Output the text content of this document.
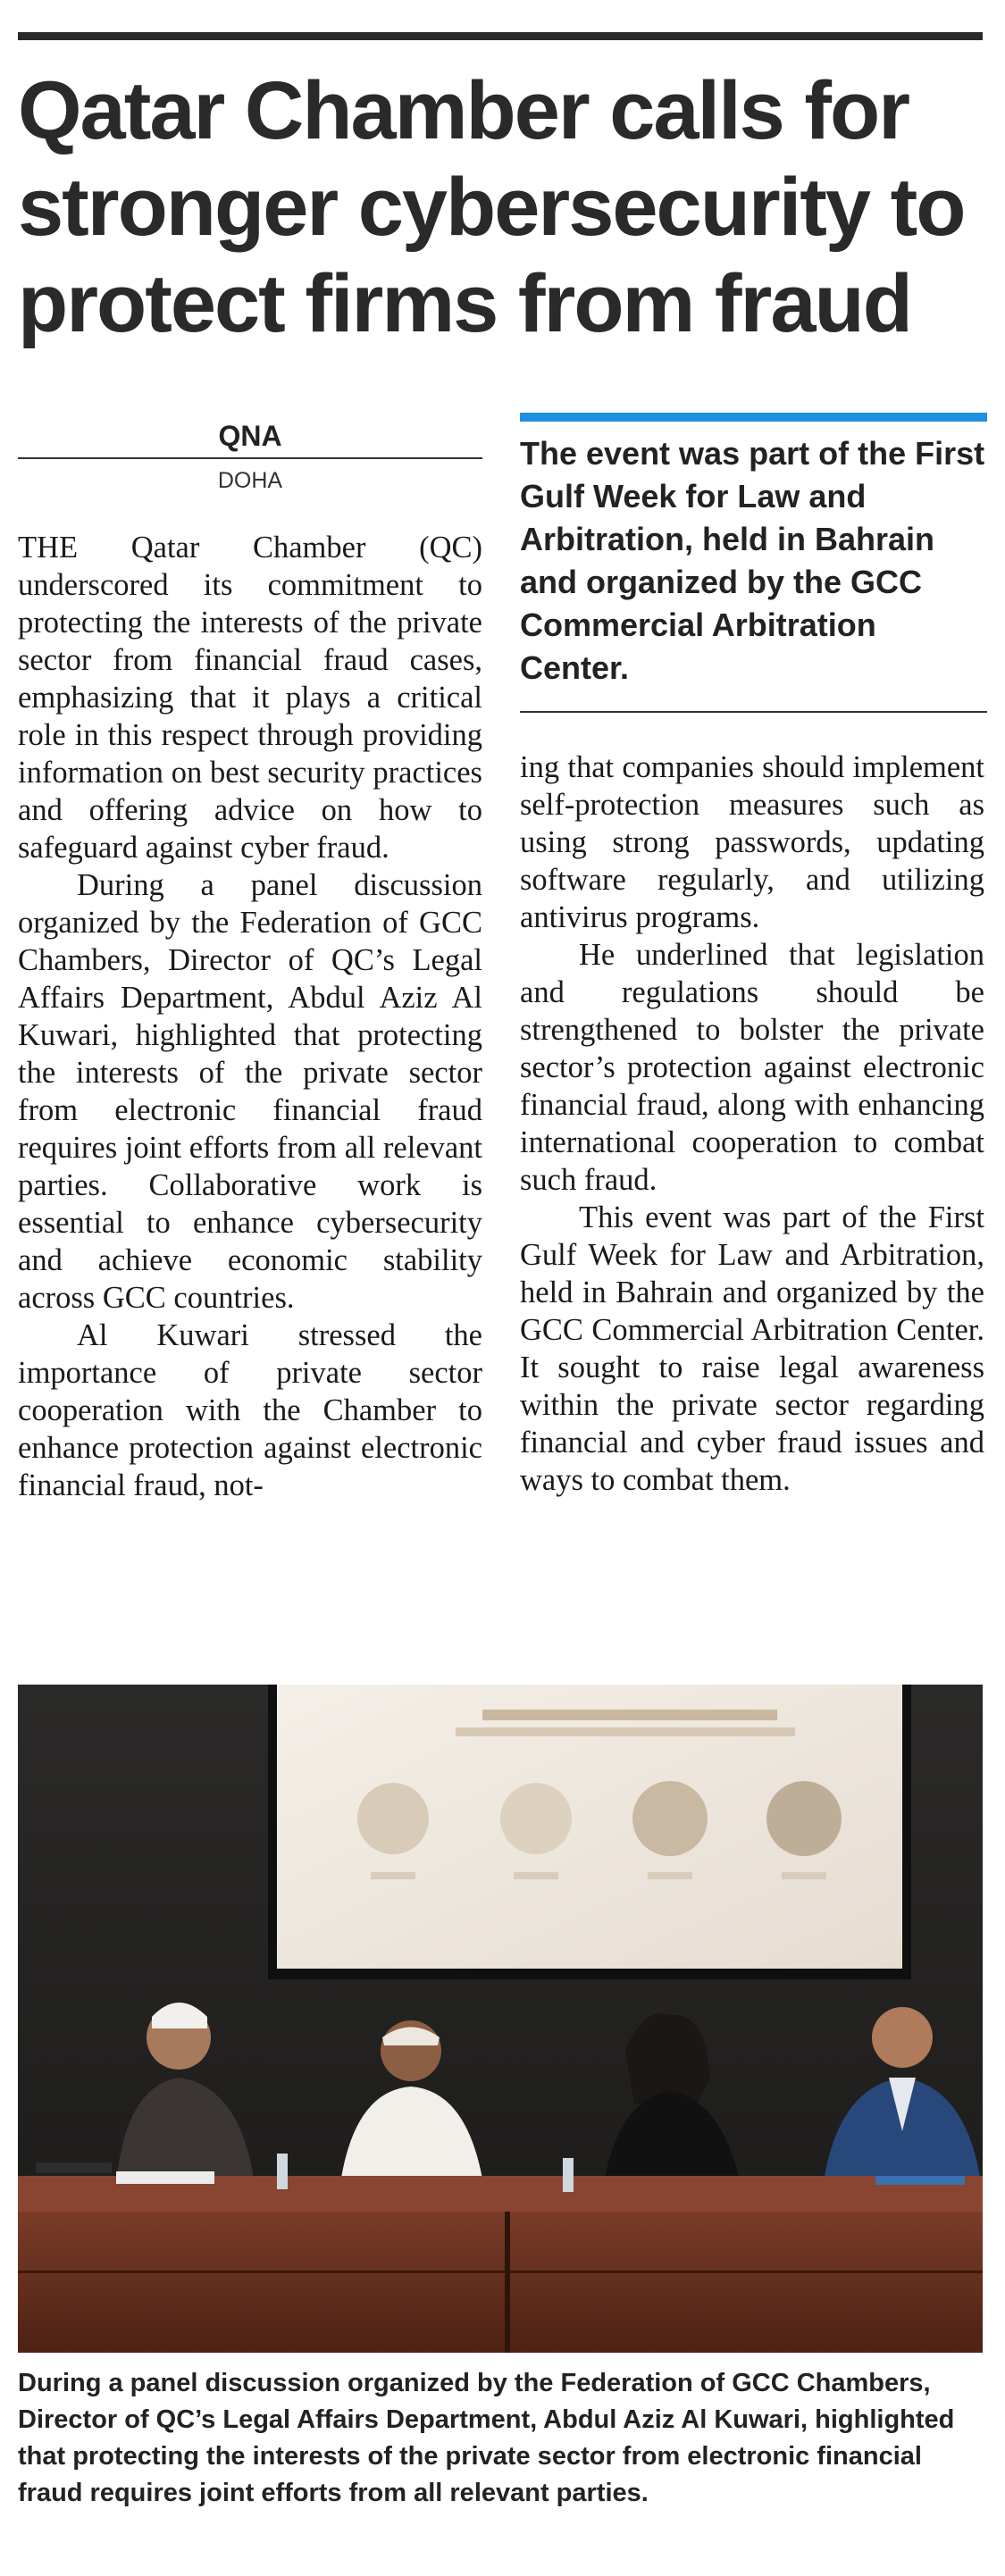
Qatar Chamber calls for stronger cybersecurity to protect firms from fraud
QNA
DOHA

THE Qatar Chamber (QC) underscored its commitment to protecting the interests of the private sector from financial fraud cases, emphasizing that it plays a critical role in this respect through providing information on best security practices and offering advice on how to safeguard against cyber fraud.

During a panel discussion organized by the Federation of GCC Chambers, Director of QC’s Legal Affairs Department, Abdul Aziz Al Kuwari, highlighted that protecting the interests of the private sector from electronic financial fraud requires joint efforts from all relevant parties. Collaborative work is essential to enhance cybersecurity and achieve economic stability across GCC countries.

Al Kuwari stressed the importance of private sector cooperation with the Chamber to enhance protection against electronic financial fraud, not-

The event was part of the First Gulf Week for Law and Arbitration, held in Bahrain and organized by the GCC Commercial Arbitration Center.

ing that companies should implement self-protection measures such as using strong passwords, updating software regularly, and utilizing antivirus programs.

He underlined that legislation and regulations should be strengthened to bolster the private sector’s protection against electronic financial fraud, along with enhancing international cooperation to combat such fraud.

This event was part of the First Gulf Week for Law and Arbitration, held in Bahrain and organized by the GCC Commercial Arbitration Center. It sought to raise legal awareness within the private sector regarding financial and cyber fraud issues and ways to combat them.

During a panel discussion organized by the Federation of GCC Chambers, Director of QC’s Legal Affairs Department, Abdul Aziz Al Kuwari, highlighted that protecting the interests of the private sector from electronic financial fraud requires joint efforts from all relevant parties.
